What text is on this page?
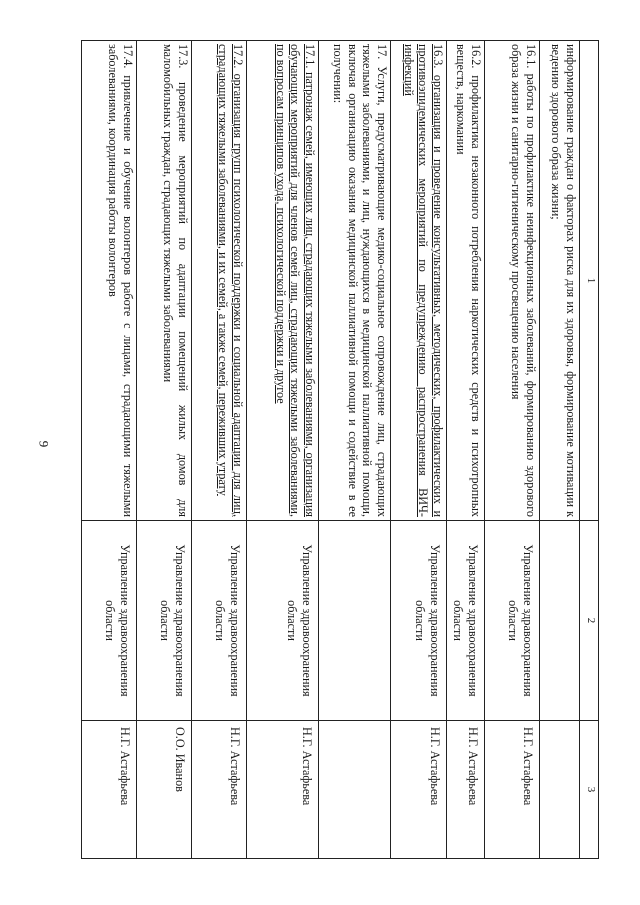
9
1	2	3
информирование граждан о факторах риска для их здоровья, формирование мотивации к ведению здорового образа жизни;		
16.1. работы по профилактике неинфекционных заболеваний, формированию здорового образа жизни и санитарно-гигиеническому просвещению населения	Управление здравоохранения области	Н.Г. Астафьева
16.2. профилактика незаконного потребления наркотических средств и психотропных веществ, наркомании	Управление здравоохранения области	Н.Г. Астафьева
16.3. организация и проведение консультативных, методических, профилактических и противоэпидемических мероприятий по предупреждению распространения ВИЧ-инфекций	Управление здравоохранения области	Н.Г. Астафьева
17. Услуги, предусматривающие медико-социальное сопровождение лиц, страдающих тяжелыми заболеваниями, и лиц, нуждающихся в медицинской паллиативной помощи, включая организацию оказания медицинской паллиативной помощи и содействие в ее получении:		
17.1. патронаж семей, имеющих лиц, страдающих тяжелыми заболеваниями, организация обучающих мероприятий для членов семей лиц, страдающих тяжелыми заболеваниями, по вопросам принципов ухода, психологической поддержки и другое	Управление здравоохранения области	Н.Г. Астафьева
17.2. организация групп психологической поддержки и социальной адаптации для лиц, страдающих тяжелыми заболеваниями, и их семей, а также семей, переживших утрату	Управление здравоохранения области	Н.Г. Астафьева
17.3. проведение мероприятий по адаптации помещений жилых домов для маломобильных граждан, страдающих тяжелыми заболеваниями	Управление здравоохранения области	О.О. Иванов
17.4. привлечение и обучение волонтеров работе с лицами, страдающими тяжелыми заболеваниями, координация работы волонтеров	Управление здравоохранения области	Н.Г. Астафьева
